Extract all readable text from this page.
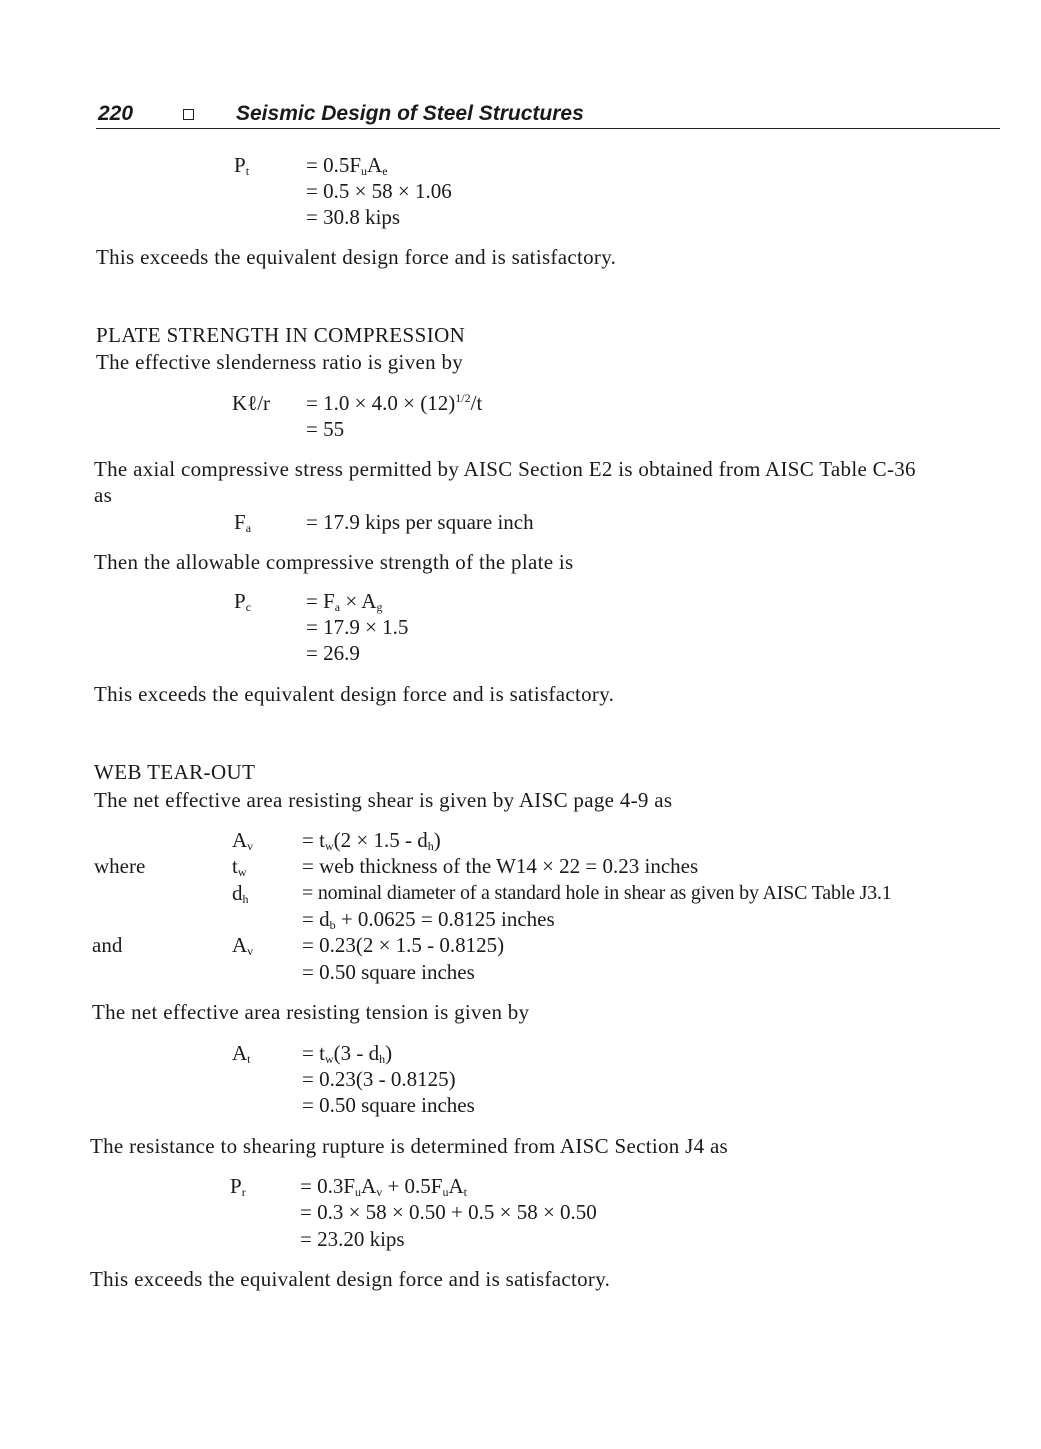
220	Seismic Design of Steel Structures
$P_t$	= $0.5F_uA_e$
= 0.5 × 58 × 1.06
= 30.8 kips
This exceeds the equivalent design force and is satisfactory.
PLATE STRENGTH IN COMPRESSION
The effective slenderness ratio is given by
Kℓ/r = $1.0 \times 4.0 \times (12)^{1/2}/t$
= 55
The axial compressive stress permitted by AISC Section E2 is obtained from AISC Table C-36
as
$F_a$	= 17.9 kips per square inch
Then the allowable compressive strength of the plate is
$P_c$	= $F_a \times A_g$
= 17.9 × 1.5
= 26.9
This exceeds the equivalent design force and is satisfactory.
WEB TEAR-OUT
The net effective area resisting shear is given by AISC page 4-9 as
$A_v = t_w(2 \times 1.5 - d_h)$
where	$t_w$	= web thickness of the W14 × 22 = 0.23 inches
$d_h$	= nominal diameter of a standard hole in shear as given by AISC Table J3.1
= $d_b + 0.0625 = 0.8125$ inches
and	$A_v = 0.23(2 \times 1.5 - 0.8125)$
= 0.50 square inches
The net effective area resisting tension is given by
$A_t = t_w(3 - d_h)$
= 0.23(3 - 0.8125)
= 0.50 square inches
The resistance to shearing rupture is determined from AISC Section J4 as
$P_r$	= $0.3F_uA_v + 0.5F_uA_t$
= 0.3 × 58 × 0.50 + 0.5 × 58 × 0.50
= 23.20 kips
This exceeds the equivalent design force and is satisfactory.
